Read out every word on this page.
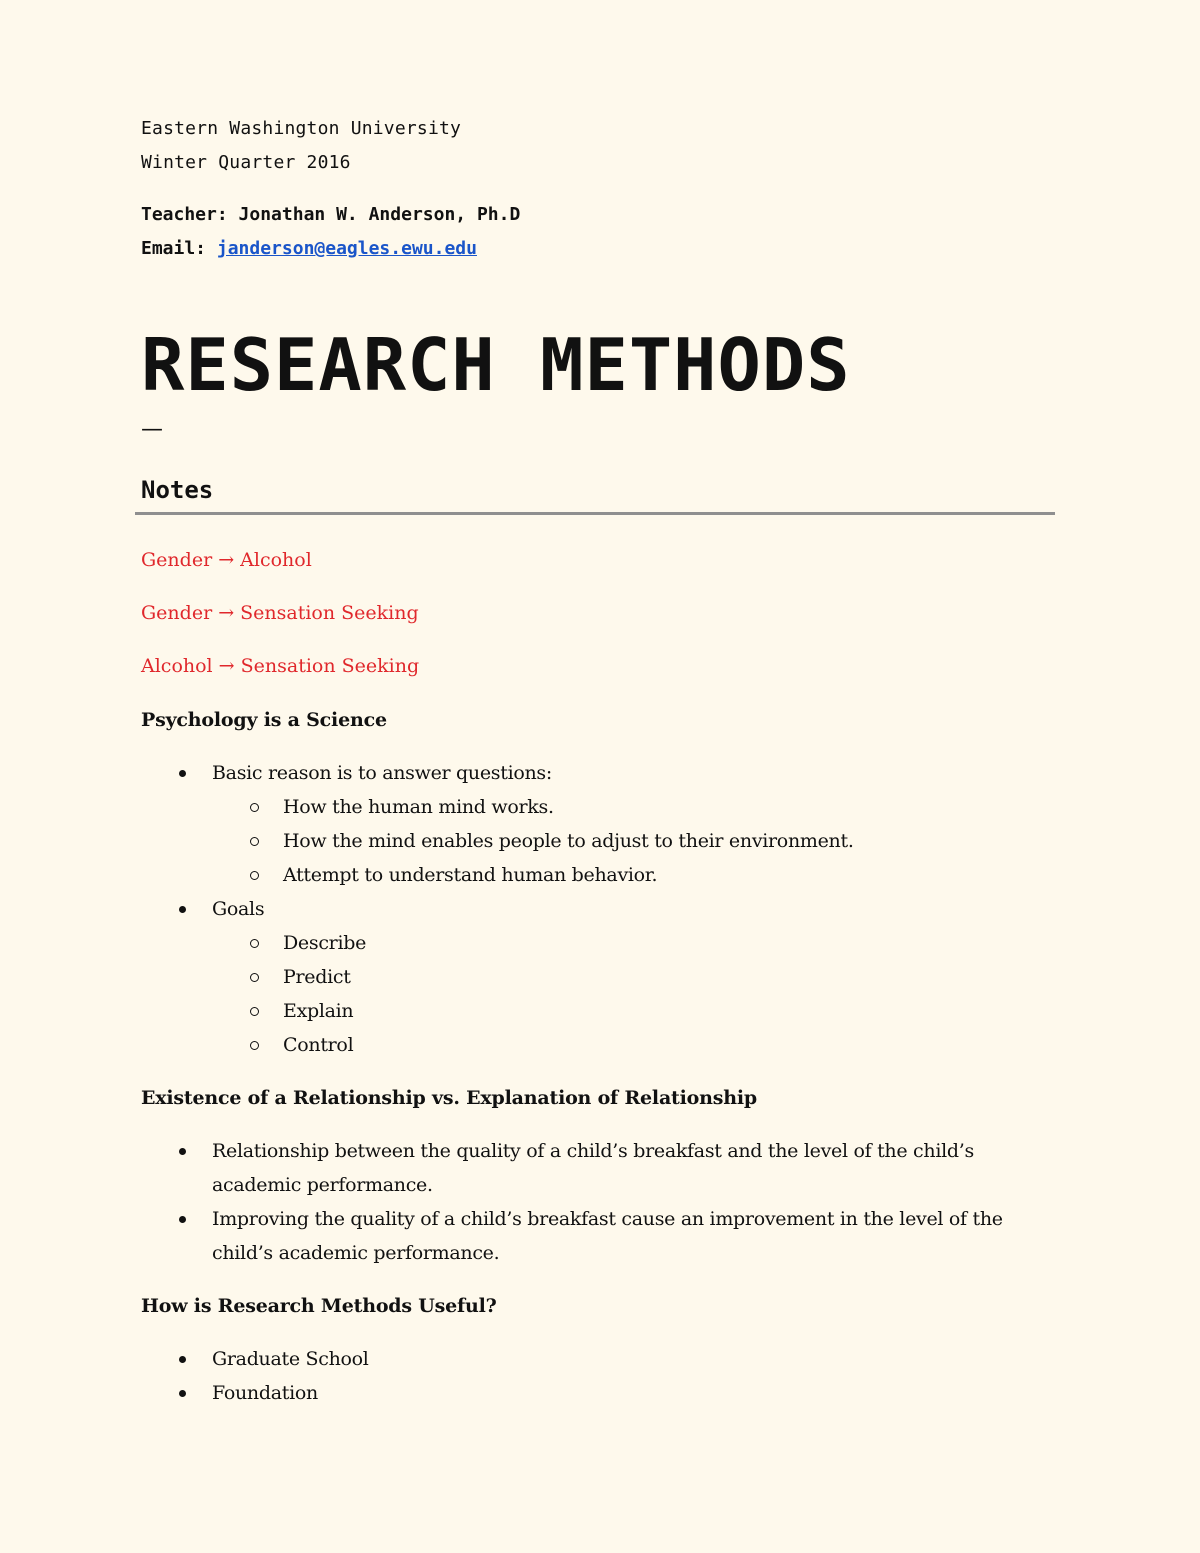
Eastern Washington University

Winter Quarter 2016

Teacher: Jonathan W. Anderson, Ph.D

Email: janderson@eagles.ewu.edu

RESEARCH METHODS
—
Notes

Gender → Alcohol

Gender → Sensation Seeking

Alcohol → Sensation Seeking

Psychology is a Science
Basic reason is to answer questions:
How the human mind works.
How the mind enables people to adjust to their environment.
Attempt to understand human behavior.
Goals
Describe
Predict
Explain
Control
Existence of a Relationship vs. Explanation of Relationship
Relationship between the quality of a child’s breakfast and the level of the child’s academic performance.
Improving the quality of a child’s breakfast cause an improvement in the level of the child’s academic performance.
How is Research Methods Useful?
Graduate School
Foundation
